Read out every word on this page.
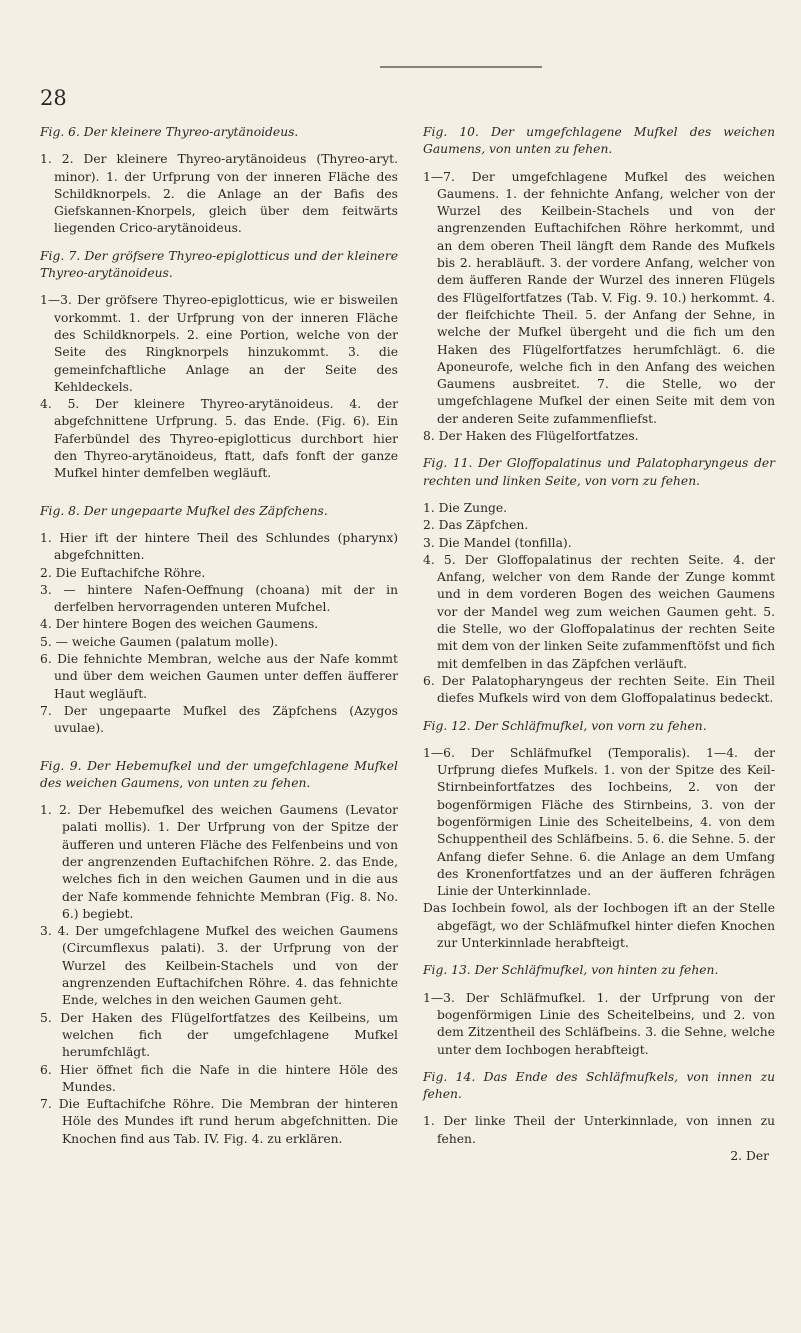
28

Fig. 6. Der kleinere Thyreo-arytänoideus.

1. 2. Der kleinere Thyreo-arytänoideus (Thyreo-aryt. minor). 1. der Urfprung von der inneren Fläche des Schildknorpels. 2. die Anlage an der Bafis des Giefskannen-Knorpels, gleich über dem feitwärts liegenden Crico-arytänoideus.

Fig. 7. Der gröfsere Thyreo-epiglotticus und der kleinere Thyreo-arytänoideus.

1—3. Der gröfsere Thyreo-epiglotticus, wie er bisweilen vorkommt. 1. der Urfprung von der inneren Fläche des Schildknorpels. 2. eine Portion, welche von der Seite des Ringknorpels hinzukommt. 3. die gemeinfchaftliche Anlage an der Seite des Kehldeckels.

4. 5. Der kleinere Thyreo-arytänoideus. 4. der abgefchnittene Urfprung. 5. das Ende. (Fig. 6). Ein Faferbündel des Thyreo-epiglotticus durchbort hier den Thyreo-arytänoideus, ftatt, dafs fonft der ganze Mufkel hinter demfelben wegläuft.

Fig. 8. Der ungepaarte Mufkel des Zäpfchens.

1. Hier ift der hintere Theil des Schlundes (pharynx) abgefchnitten.

2. Die Euftachifche Röhre.

3. — hintere Nafen-Oeffnung (choana) mit der in derfelben hervorragenden unteren Mufchel.

4. Der hintere Bogen des weichen Gaumens.

5. — weiche Gaumen (palatum molle).

6. Die fehnichte Membran, welche aus der Nafe kommt und über dem weichen Gaumen unter deffen äufferer Haut wegläuft.

7. Der ungepaarte Mufkel des Zäpfchens (Azygos uvulae).

Fig. 9. Der Hebemufkel und der umgefchlagene Mufkel des weichen Gaumens, von unten zu fehen.

1. 2. Der Hebemufkel des weichen Gaumens (Levator palati mollis). 1. Der Urfprung von der Spitze der äufferen und unteren Fläche des Felfenbeins und von der angrenzenden Euftachifchen Röhre. 2. das Ende, welches fich in den weichen Gaumen und in die aus der Nafe kommende fehnichte Membran (Fig. 8. No. 6.) begiebt.

3. 4. Der umgefchlagene Mufkel des weichen Gaumens (Circumflexus palati). 3. der Urfprung von der Wurzel des Keilbein-Stachels und von der angrenzenden Euftachifchen Röhre. 4. das fehnichte Ende, welches in den weichen Gaumen geht.

5. Der Haken des Flügelfortfatzes des Keilbeins, um welchen fich der umgefchlagene Mufkel herumfchlägt.

6. Hier öffnet fich die Nafe in die hintere Höle des Mundes.

7. Die Euftachifche Röhre. Die Membran der hinteren Höle des Mundes ift rund herum abgefchnitten. Die Knochen find aus Tab. IV. Fig. 4. zu erklären.

Fig. 10. Der umgefchlagene Mufkel des weichen Gaumens, von unten zu fehen.

1—7. Der umgefchlagene Mufkel des weichen Gaumens. 1. der fehnichte Anfang, welcher von der Wurzel des Keilbein-Stachels und von der angrenzenden Euftachifchen Röhre herkommt, und an dem oberen Theil längft dem Rande des Mufkels bis 2. herabläuft. 3. der vordere Anfang, welcher von dem äufferen Rande der Wurzel des inneren Flügels des Flügelfortfatzes (Tab. V. Fig. 9. 10.) herkommt. 4. der fleifchichte Theil. 5. der Anfang der Sehne, in welche der Mufkel übergeht und die fich um den Haken des Flügelfortfatzes herumfchlägt. 6. die Aponeurofe, welche fich in den Anfang des weichen Gaumens ausbreitet. 7. die Stelle, wo der umgefchlagene Mufkel der einen Seite mit dem von der anderen Seite zufammenfliefst.

8. Der Haken des Flügelfortfatzes.

Fig. 11. Der Gloffopalatinus und Palatopharyngeus der rechten und linken Seite, von vorn zu fehen.

1. Die Zunge.

2. Das Zäpfchen.

3. Die Mandel (tonfilla).

4. 5. Der Gloffopalatinus der rechten Seite. 4. der Anfang, welcher von dem Rande der Zunge kommt und in dem vorderen Bogen des weichen Gaumens vor der Mandel weg zum weichen Gaumen geht. 5. die Stelle, wo der Gloffopalatinus der rechten Seite mit dem von der linken Seite zufammenftöfst und fich mit demfelben in das Zäpfchen verläuft.

6. Der Palatopharyngeus der rechten Seite. Ein Theil diefes Mufkels wird von dem Gloffopalatinus bedeckt.

Fig. 12. Der Schläfmufkel, von vorn zu fehen.

1—6. Der Schläfmufkel (Temporalis). 1—4. der Urfprung diefes Mufkels. 1. von der Spitze des Keil-Stirnbeinfortfatzes des Iochbeins, 2. von der bogenförmigen Fläche des Stirnbeins, 3. von der bogenförmigen Linie des Scheitelbeins, 4. von dem Schuppentheil des Schläfbeins. 5. 6. die Sehne. 5. der Anfang diefer Sehne. 6. die Anlage an dem Umfang des Kronenfortfatzes und an der äufferen fchrägen Linie der Unterkinnlade.

Das Iochbein fowol, als der Iochbogen ift an der Stelle abgefägt, wo der Schläfmufkel hinter diefen Knochen zur Unterkinnlade herabfteigt.

Fig. 13. Der Schläfmufkel, von hinten zu fehen.

1—3. Der Schläfmufkel. 1. der Urfprung von der bogenförmigen Linie des Scheitelbeins, und 2. von dem Zitzentheil des Schläfbeins. 3. die Sehne, welche unter dem Iochbogen herabfteigt.

Fig. 14. Das Ende des Schläfmufkels, von innen zu fehen.

1. Der linke Theil der Unterkinnlade, von innen zu fehen.

2. Der
